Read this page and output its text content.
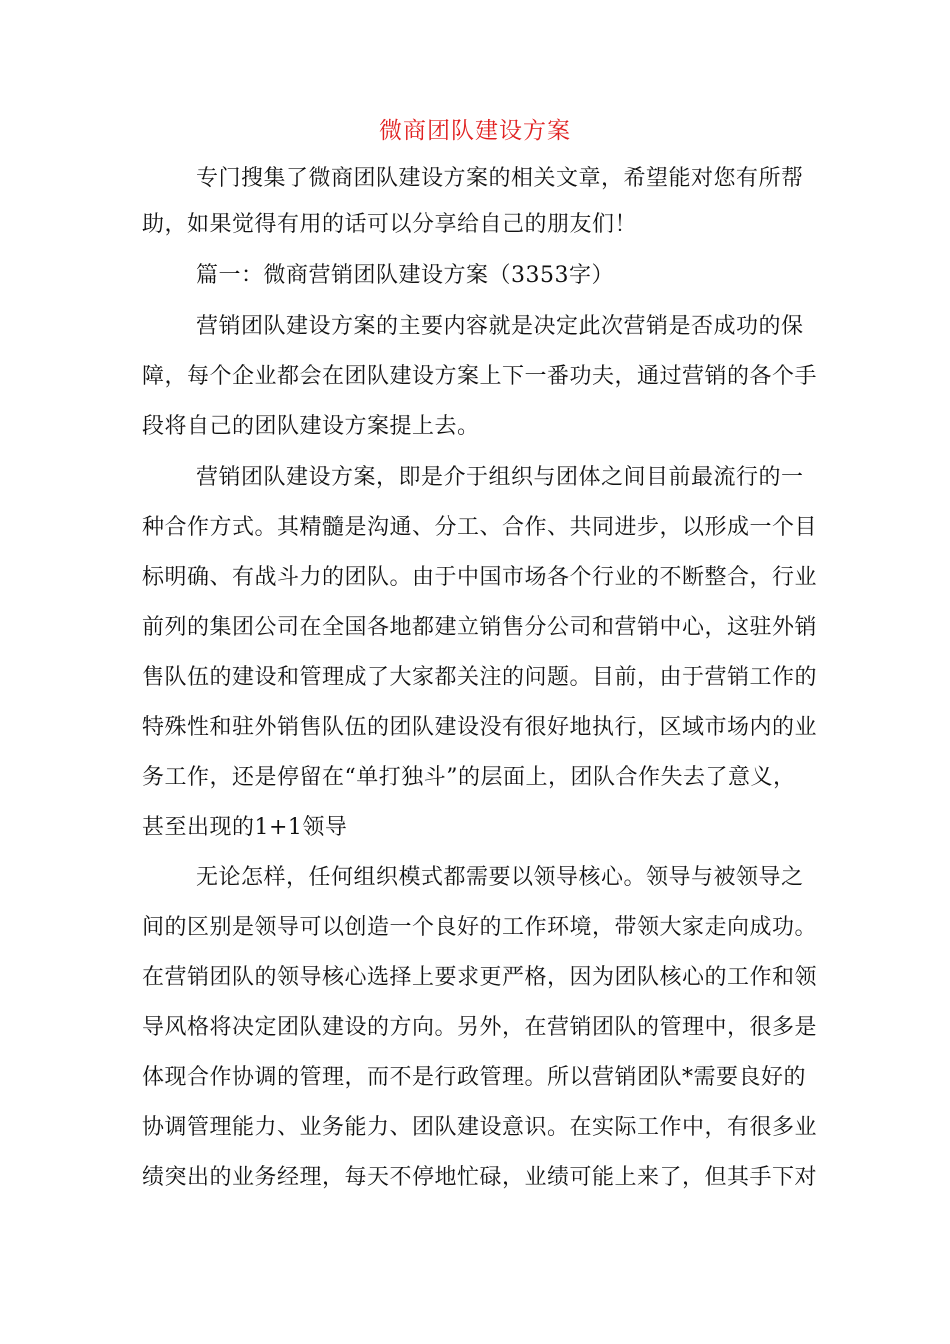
微商团队建设方案
专门搜集了微商团队建设方案的相关文章，希望能对您有所帮
助，如果觉得有用的话可以分享给自己的朋友们！
篇一：微商营销团队建设方案（3353字）
营销团队建设方案的主要内容就是决定此次营销是否成功的保
障，每个企业都会在团队建设方案上下一番功夫，通过营销的各个手
段将自己的团队建设方案提上去。
营销团队建设方案，即是介于组织与团体之间目前最流行的一
种合作方式。其精髓是沟通、分工、合作、共同进步，以形成一个目
标明确、有战斗力的团队。由于中国市场各个行业的不断整合，行业
前列的集团公司在全国各地都建立销售分公司和营销中心，这驻外销
售队伍的建设和管理成了大家都关注的问题。目前，由于营销工作的
特殊性和驻外销售队伍的团队建设没有很好地执行，区域市场内的业
务工作，还是停留在“单打独斗”的层面上，团队合作失去了意义，
甚至出现的1+1领导
无论怎样，任何组织模式都需要以领导核心。领导与被领导之
间的区别是领导可以创造一个良好的工作环境，带领大家走向成功。
在营销团队的领导核心选择上要求更严格，因为团队核心的工作和领
导风格将决定团队建设的方向。另外，在营销团队的管理中，很多是
体现合作协调的管理，而不是行政管理。所以营销团队*需要良好的
协调管理能力、业务能力、团队建设意识。在实际工作中，有很多业
绩突出的业务经理，每天不停地忙碌，业绩可能上来了，但其手下对
